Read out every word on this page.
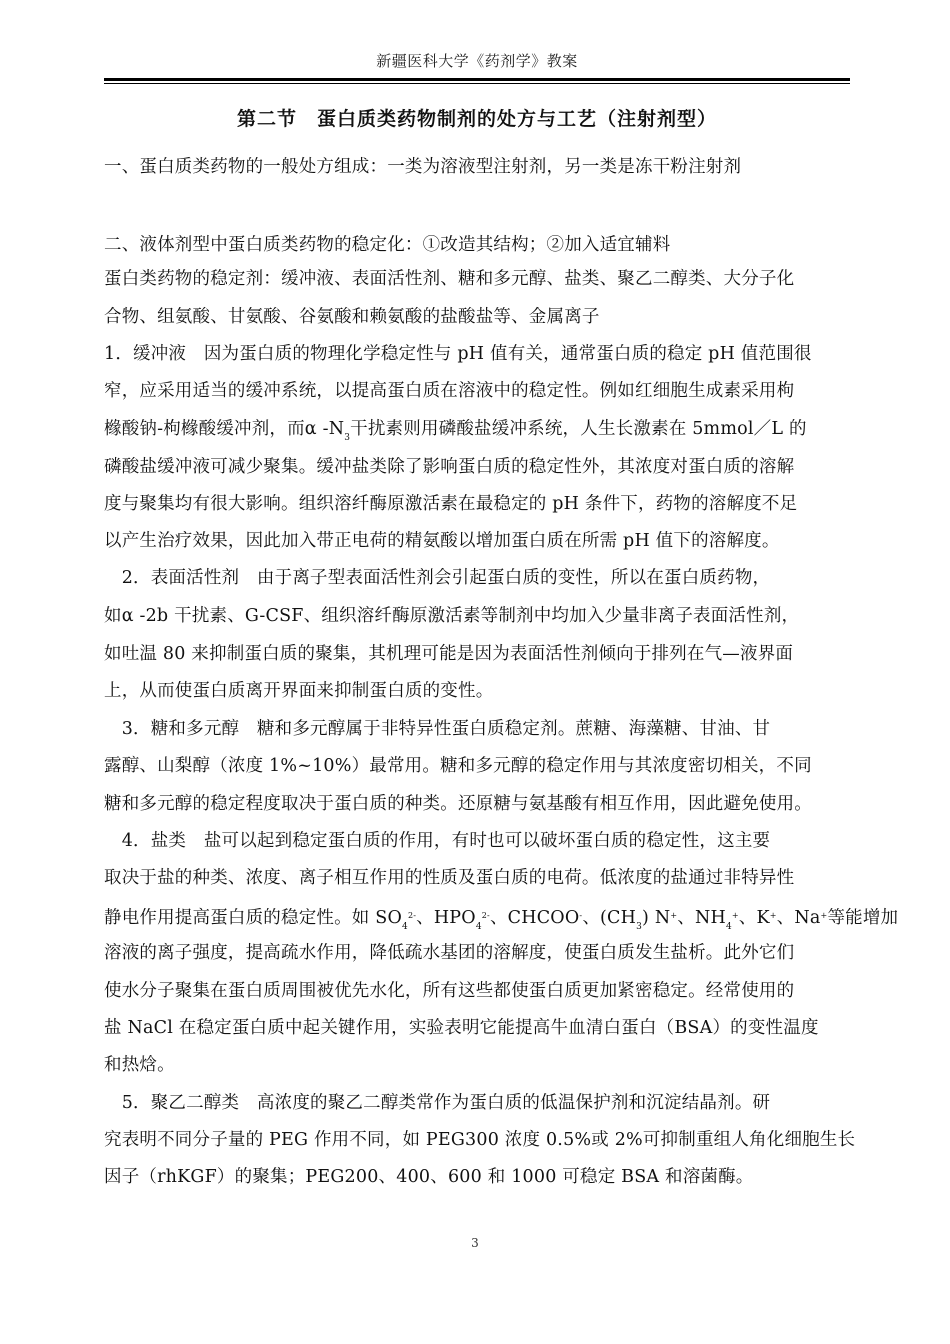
新疆医科大学《药剂学》教案
第二节　蛋白质类药物制剂的处方与工艺（注射剂型）
一、蛋白质类药物的一般处方组成：一类为溶液型注射剂，另一类是冻干粉注射剂
二、液体剂型中蛋白质类药物的稳定化：①改造其结构；②加入适宜辅料
蛋白类药物的稳定剂：缓冲液、表面活性剂、糖和多元醇、盐类、聚乙二醇类、大分子化
合物、组氨酸、甘氨酸、谷氨酸和赖氨酸的盐酸盐等、金属离子
1．缓冲液　因为蛋白质的物理化学稳定性与 pH 值有关，通常蛋白质的稳定 pH 值范围很
窄，应采用适当的缓冲系统，以提高蛋白质在溶液中的稳定性。例如红细胞生成素采用枸
橼酸钠-枸橼酸缓冲剂，而α $-N_3$干扰素则用磷酸盐缓冲系统，人生长激素在 5mmol／L 的
磷酸盐缓冲液可减少聚集。缓冲盐类除了影响蛋白质的稳定性外，其浓度对蛋白质的溶解
度与聚集均有很大影响。组织溶纤酶原激活素在最稳定的 pH 条件下，药物的溶解度不足
以产生治疗效果，因此加入带正电荷的精氨酸以增加蛋白质在所需 pH 值下的溶解度。
　2．表面活性剂　由于离子型表面活性剂会引起蛋白质的变性，所以在蛋白质药物，
如α -2b 干扰素、G-CSF、组织溶纤酶原激活素等制剂中均加入少量非离子表面活性剂，
如吐温 80 来抑制蛋白质的聚集，其机理可能是因为表面活性剂倾向于排列在气—液界面
上，从而使蛋白质离开界面来抑制蛋白质的变性。
　3．糖和多元醇　糖和多元醇属于非特异性蛋白质稳定剂。蔗糖、海藻糖、甘油、甘
露醇、山梨醇（浓度 1%~10%）最常用。糖和多元醇的稳定作用与其浓度密切相关，不同
糖和多元醇的稳定程度取决于蛋白质的种类。还原糖与氨基酸有相互作用，因此避免使用。
　4．盐类　盐可以起到稳定蛋白质的作用，有时也可以破坏蛋白质的稳定性，这主要
取决于盐的种类、浓度、离子相互作用的性质及蛋白质的电荷。低浓度的盐通过非特异性
静电作用提高蛋白质的稳定性。如 $SO_4^{2-}$、$HPO_4^{2-}$、CHCOO-、$(CH_3)$ N+、$NH_4^+$、K+、Na+等能增加
溶液的离子强度，提高疏水作用，降低疏水基团的溶解度，使蛋白质发生盐析。此外它们
使水分子聚集在蛋白质周围被优先水化，所有这些都使蛋白质更加紧密稳定。经常使用的
盐 NaCl 在稳定蛋白质中起关键作用，实验表明它能提高牛血清白蛋白（BSA）的变性温度
和热焓。
　5．聚乙二醇类　高浓度的聚乙二醇类常作为蛋白质的低温保护剂和沉淀结晶剂。研
究表明不同分子量的 PEG 作用不同，如 PEG300 浓度 0.5%或 2%可抑制重组人角化细胞生长
因子（rhKGF）的聚集；PEG200、400、600 和 1000 可稳定 BSA 和溶菌酶。
3
